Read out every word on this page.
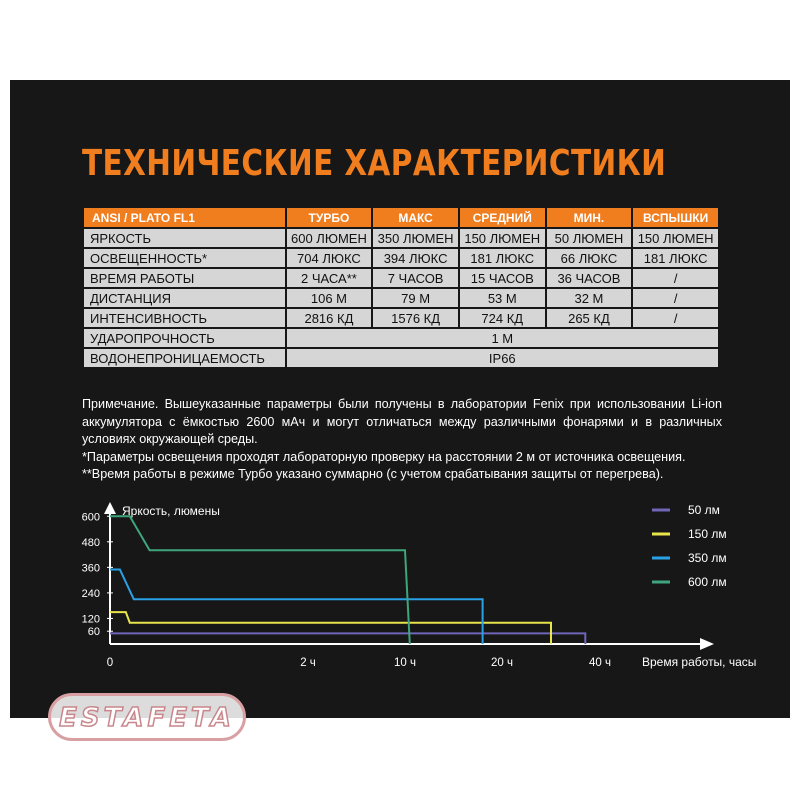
ТЕХНИЧЕСКИЕ ХАРАКТЕРИСТИКИ
ANSI / PLATO FL1	ТУРБО	МАКС	СРЕДНИЙ	МИН.	ВСПЫШКИ
ЯРКОСТЬ	600 ЛЮМЕН	350 ЛЮМЕН	150 ЛЮМЕН	50 ЛЮМЕН	150 ЛЮМЕН
ОСВЕЩЕННОСТЬ*	704 ЛЮКС	394 ЛЮКС	181 ЛЮКС	66 ЛЮКС	181 ЛЮКС
ВРЕМЯ РАБОТЫ	2 ЧАСА**	7 ЧАСОВ	15 ЧАСОВ	36 ЧАСОВ	/
ДИСТАНЦИЯ	106 М	79 М	53 М	32 М	/
ИНТЕНСИВНОСТЬ	2816 КД	1576 КД	724 КД	265 КД	/
УДАРОПРОЧНОСТЬ	1 М				
ВОДОНЕПРОНИЦАЕМОСТЬ	IP66				

Примечание. Вышеуказанные параметры были получены в лаборатории Fenix при использовании Li-ion аккумулятора с ёмкостью 2600 мАч и могут отличаться между различными фонарями и в различных условиях окружающей среды.

*Параметры освещения проходят лабораторную проверку на расстоянии 2 м от источника освещения.

**Время работы в режиме Турбо указано суммарно (с учетом срабатывания защиты от перегрева).

Яркость, люмены
60
120
240
360
480
600
0	2 ч	10 ч	20 ч	40 ч	Время работы, часы
50 лм
150 лм
350 лм
600 лм
ESTAFETA
